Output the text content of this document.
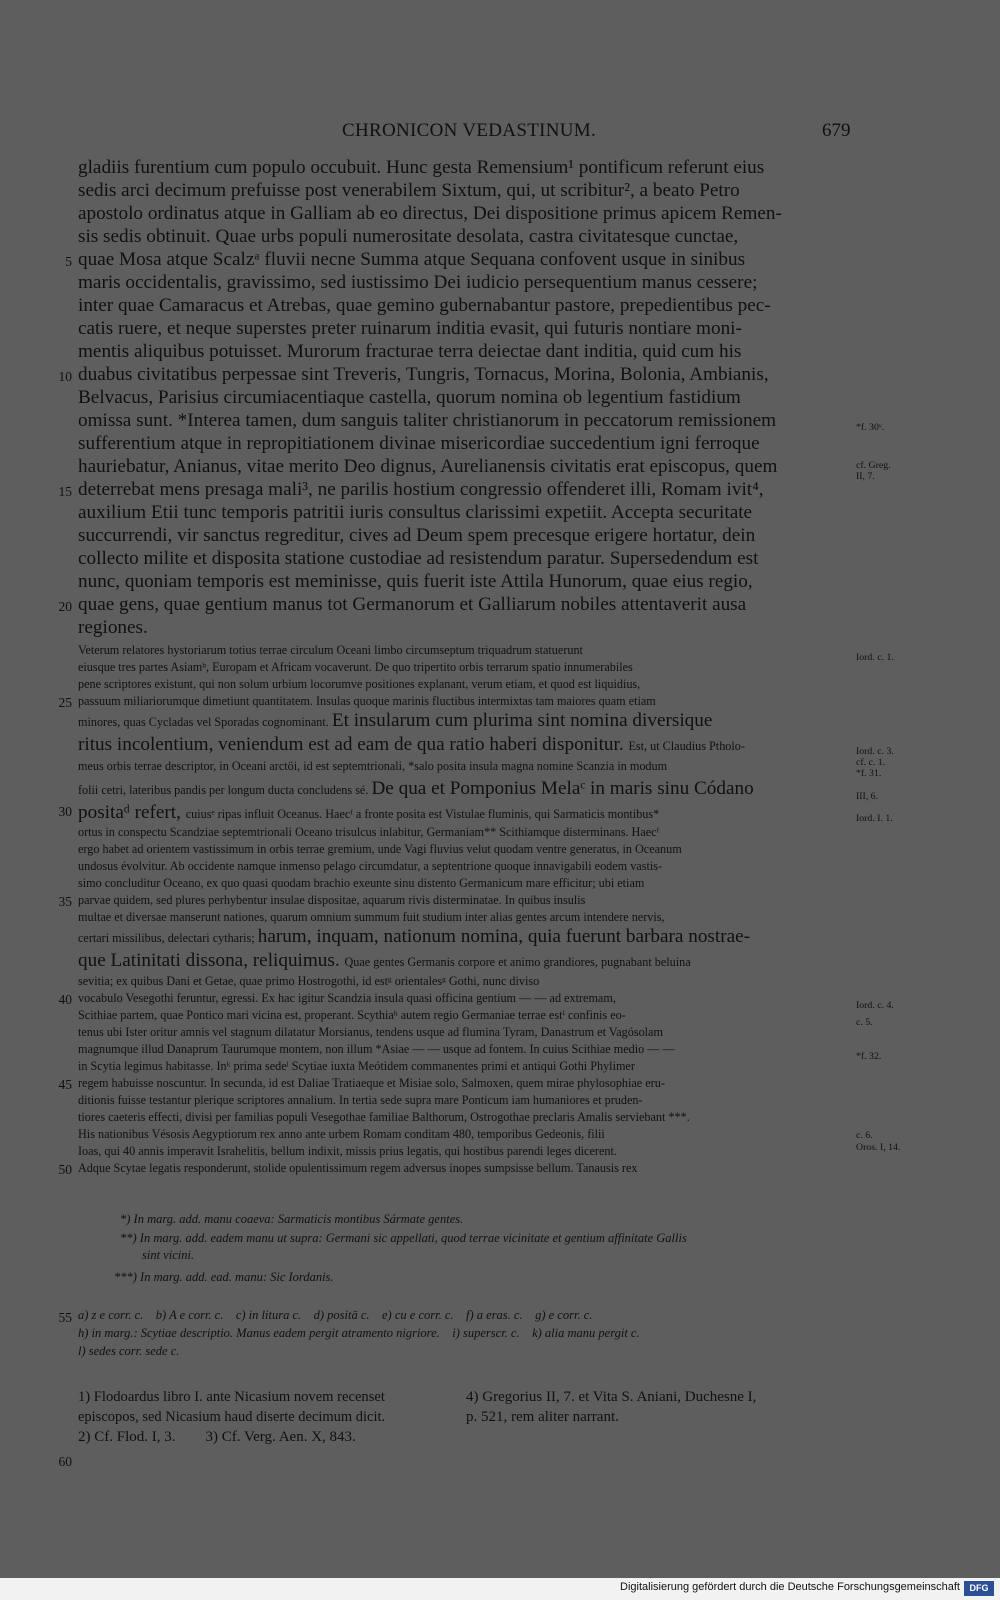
CHRONICON VEDASTINUM.	679
gladiis furentium cum populo occubuit. Hunc gesta Remensium¹ pontificum referunt eius
sedis arci decimum prefuisse post venerabilem Sixtum, qui, ut scribitur², a beato Petro
apostolo ordinatus atque in Galliam ab eo directus, Dei dispositione primus apicem Remen-
sis sedis obtinuit. Quae urbs populi numerositate desolata, castra civitatesque cunctae,
quae Mosa atque Scalzᵃ fluvii necne Summa atque Sequana confovent usque in sinibus
maris occidentalis, gravissimo, sed iustissimo Dei iudicio persequentium manus cessere;
inter quae Camaracus et Atrebas, quae gemino gubernabantur pastore, prepedientibus pec-
catis ruere, et neque superstes preter ruinarum inditia evasit, qui futuris nontiare moni-
mentis aliquibus potuisset. Murorum fracturae terra deiectae dant inditia, quid cum his
duabus civitatibus perpessae sint Treveris, Tungris, Tornacus, Morina, Bolonia, Ambianis,
Belvacus, Parisius circumiacentiaque castella, quorum nomina ob legentium fastidium
omissa sunt. *Interea tamen, dum sanguis taliter christianorum in peccatorum remissionem
sufferentium atque in repropitiationem divinae misericordiae succedentium igni ferroque
hauriebatur, Anianus, vitae merito Deo dignus, Aurelianensis civitatis erat episcopus, quem
deterrebat mens presaga mali³, ne parilis hostium congressio offenderet illi, Romam ivit⁴,
auxilium Etii tunc temporis patritii iuris consultus clarissimi expetiit. Accepta securitate
succurrendi, vir sanctus regreditur, cives ad Deum spem precesque erigere hortatur, dein
collecto milite et disposita statione custodiae ad resistendum paratur. Supersedendum est
nunc, quoniam temporis est meminisse, quis fuerit iste Attila Hunorum, quae eius regio,
quae gens, quae gentium manus tot Germanorum et Galliarum nobiles attentaverit ausa
regiones.
Veterum relatores hystoriarum totius terrae circulum Oceani limbo circumseptum triquadrum statuerunt
eiusque tres partes Asiamᵇ, Europam et Africam vocaverunt. De quo tripertito orbis terrarum spatio innumerabiles
pene scriptores existunt, qui non solum urbium locorumve positiones explanant, verum etiam, et quod est liquidius,
passuum miliariorumque dimetiunt quantitatem. Insulas quoque marinis fluctibus intermixtas tam maiores quam etiam
minores, quas Cycladas vel Sporadas cognominant. Et insularum cum plurima sint nomina diversique
ritus incolentium, veniendum est ad eam de qua ratio haberi disponitur. Est, ut Claudius Ptholo-
meus orbis terrae descriptor, in Oceani arctöi, id est septemtrionali, *salo posita insula magna nomine Scanzia in modum
folii cetri, lateribus pandis per longum ducta concludens sé. De qua et Pomponius Melaᶜ in maris sinu Códano
positaᵈ refert, cuiusᵉ ripas influit Oceanus. Haecᶠ a fronte posita est Vistulae fluminis, qui Sarmaticis montibus*
ortus in conspectu Scandziae septemtrionali Oceano trisulcus inlabitur, Germaniam** Scithiamque disterminans. Haecᶠ
ergo habet ad orientem vastissimum in orbis terrae gremium, unde Vagi fluvius velut quodam ventre generatus, in Oceanum
undosus évolvitur. Ab occidente namque inmenso pelago circumdatur, a septentrione quoque innavigabili eodem vastis-
simo concluditur Oceano, ex quo quasi quodam brachio exeunte sinu distento Germanicum mare efficitur; ubi etiam
parvae quidem, sed plures perhybentur insulae dispositae, aquarum rivis disterminatae. In quibus insulis
multae et diversae manserunt nationes, quarum omnium summum fuit studium inter alias gentes arcum intendere nervis,
certari missilibus, delectari cytharis; harum, inquam, nationum nomina, quia fuerunt barbara nostrae-
que Latinitati dissona, reliquimus. Quae gentes Germanis corpore et animo grandiores, pugnabant beluina
sevitia; ex quibus Dani et Getae, quae primo Hostrogothi, id estᵍ orientalesᵍ Gothi, nunc diviso
vocabulo Vesegothi feruntur, egressi. Ex hac igitur Scandzia insula quasi officina gentium — — ad extremam,
Scithiae partem, quae Pontico mari vicina est, properant. Scythiaʰ autem regio Germaniae terrae estⁱ confinis eo-
tenus ubi Ister oritur amnis vel stagnum dilatatur Morsianus, tendens usque ad flumina Tyram, Danastrum et Vagósolam
magnumque illud Danaprum Taurumque montem, non illum *Asiae — — usque ad fontem. In cuius Scithiae medio — —
in Scytia legimus habitasse. Inᵏ prima sedeˡ Scytiae iuxta Meótidem commanentes primi et antiqui Gothi Phylimer
regem habuisse noscuntur. In secunda, id est Daliae Tratiaeque et Misiae solo, Salmoxen, quem mirae phylosophiae eru-
ditionis fuisse testantur plerique scriptores annalium. In tertia sede supra mare Ponticum iam humaniores et pruden-
tiores caeteris effecti, divisi per familias populi Vesegothae familiae Balthorum, Ostrogothae preclaris Amalis serviebant ***.
His nationibus Vésosis Aegyptiorum rex anno ante urbem Romam conditam 480, temporibus Gedeonis, filii
Ioas, qui 40 annis imperavit Israhelitis, bellum indixit, missis prius legatis, qui hostibus parendi leges dicerent.
Adque Scytae legatis responderunt, stolide opulentissimum regem adversus inopes sumpsisse bellum. Tanausis rex
5
10
15
20
25
30
35
40
45
50
55
60
*f. 30ᵛ.
cf. Greg.
II, 7.
Iord. c. 1.
Iord. c. 3.
cf. c. 1.
*f. 31.
III, 6.
Iord. I. 1.
Iord. c. 4.
c. 5.
*f. 32.
c. 6.
Oros. I, 14.
*) In marg. add. manu coaeva: Sarmaticis montibus Sármate gentes.
**) In marg. add. eadem manu ut supra: Germani sic appellati, quod terrae vicinitate et gentium affinitate Gallis
sint vicini.
***) In marg. add. ead. manu: Sic Iordanis.
a) z e corr. c.    b) A e corr. c.    c) in litura c.    d) positā c.    e) cu e corr. c.    f) a eras. c.    g) e corr. c.
h) in marg.: Scytiae descriptio. Manus eadem pergit atramento nigriore.    i) superscr. c.    k) alia manu pergit c.
l) sedes corr. sede c.
1) Flodoardus libro I. ante Nicasium novem recenset
episcopos, sed Nicasium haud diserte decimum dicit.
2) Cf. Flod. I, 3.        3) Cf. Verg. Aen. X, 843.
4) Gregorius II, 7. et Vita S. Aniani, Duchesne I,
p. 521, rem aliter narrant.
Digitalisierung gefördert durch die Deutsche Forschungsgemeinschaft	DFG
